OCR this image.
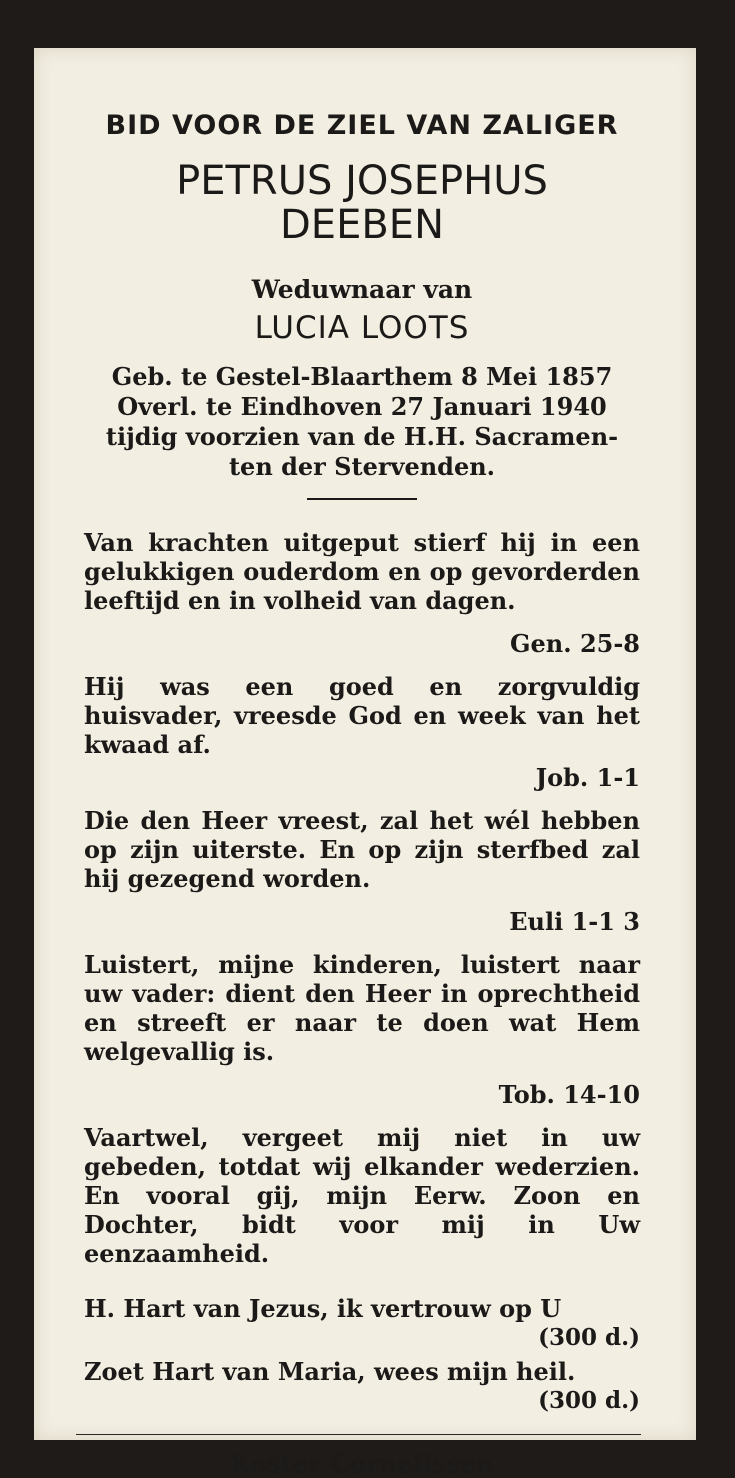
BID VOOR DE ZIEL VAN ZALIGER

PETRUS JOSEPHUS

DEEBEN

Weduwnaar van

LUCIA LOOTS

Geb. te Gestel-Blaarthem 8 Mei 1857

Overl. te Eindhoven 27 Januari 1940

tijdig voorzien van de H.H. Sacramen-

ten der Stervenden.

Van krachten uitgeput stierf hij in een gelukkigen ouderdom en op gevorderden leeftijd en in volheid van dagen.

Gen. 25-8

Hij was een goed en zorgvuldig huisvader, vreesde God en week van het kwaad af.

Job. 1-1

Die den Heer vreest, zal het wél hebben op zijn uiterste. En op zijn sterfbed zal hij gezegend worden.

Euli 1-1 3

Luistert, mijne kinderen, luistert naar uw vader: dient den Heer in oprechtheid en streeft er naar te doen wat Hem welgevallig is.

Tob. 14-10

Vaartwel, vergeet mij niet in uw gebeden, totdat wij elkander wederzien. En vooral gij, mijn Eerw. Zoon en Dochter, bidt voor mij in Uw eenzaamheid.

H. Hart van Jezus, ik vertrouw op U

(300 d.)

Zoet Hart van Maria, wees mijn heil.

(300 d.)

Koster Cornelissen
